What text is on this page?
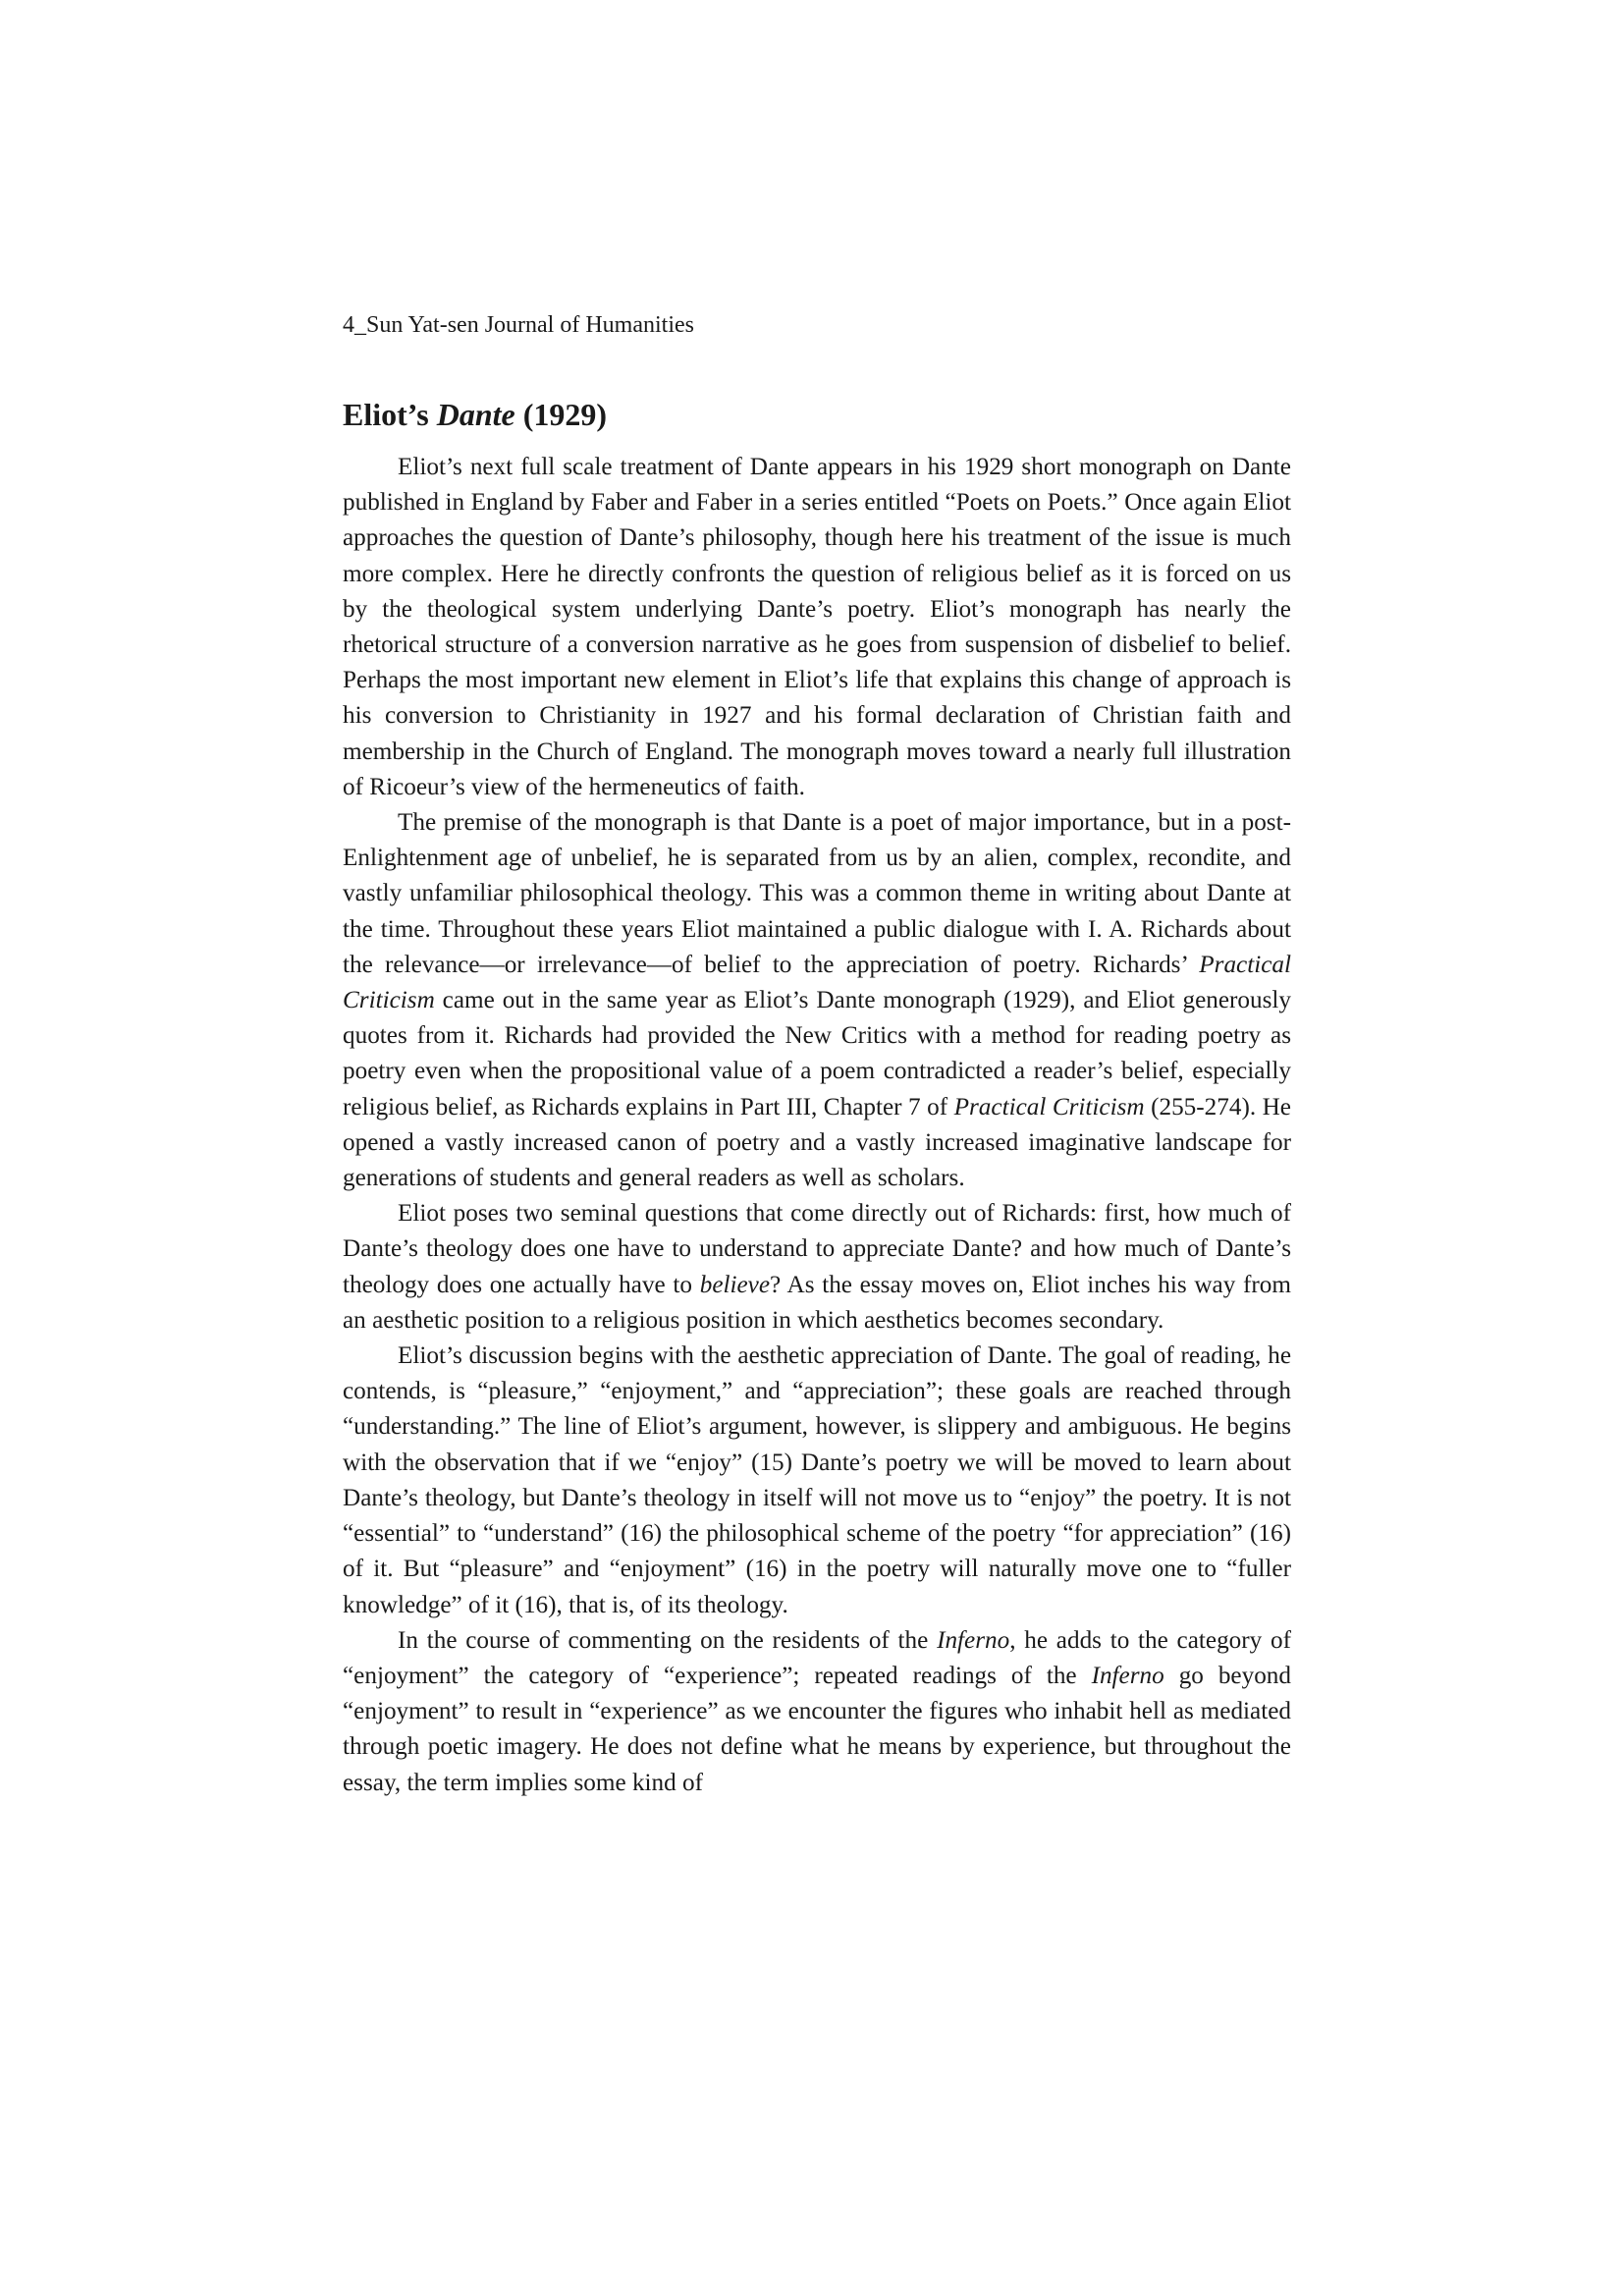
4_Sun Yat-sen Journal of Humanities
Eliot’s Dante (1929)

Eliot’s next full scale treatment of Dante appears in his 1929 short monograph on Dante published in England by Faber and Faber in a series entitled “Poets on Poets.” Once again Eliot approaches the question of Dante’s philosophy, though here his treatment of the issue is much more complex. Here he directly confronts the question of religious belief as it is forced on us by the theological system underlying Dante’s poetry. Eliot’s monograph has nearly the rhetorical structure of a conversion narrative as he goes from suspension of disbelief to belief. Perhaps the most important new element in Eliot’s life that explains this change of approach is his conversion to Christianity in 1927 and his formal declaration of Christian faith and membership in the Church of England. The monograph moves toward a nearly full illustration of Ricoeur’s view of the hermeneutics of faith.

The premise of the monograph is that Dante is a poet of major importance, but in a post-Enlightenment age of unbelief, he is separated from us by an alien, complex, recondite, and vastly unfamiliar philosophical theology. This was a common theme in writing about Dante at the time. Throughout these years Eliot maintained a public dialogue with I. A. Richards about the relevance—or irrelevance—of belief to the appreciation of poetry. Richards’ Practical Criticism came out in the same year as Eliot’s Dante monograph (1929), and Eliot generously quotes from it. Richards had provided the New Critics with a method for reading poetry as poetry even when the propositional value of a poem contradicted a reader’s belief, especially religious belief, as Richards explains in Part III, Chapter 7 of Practical Criticism (255-274). He opened a vastly increased canon of poetry and a vastly increased imaginative landscape for generations of students and general readers as well as scholars.

Eliot poses two seminal questions that come directly out of Richards: first, how much of Dante’s theology does one have to understand to appreciate Dante? and how much of Dante’s theology does one actually have to believe? As the essay moves on, Eliot inches his way from an aesthetic position to a religious position in which aesthetics becomes secondary.

Eliot’s discussion begins with the aesthetic appreciation of Dante. The goal of reading, he contends, is “pleasure,” “enjoyment,” and “appreciation”; these goals are reached through “understanding.” The line of Eliot’s argument, however, is slippery and ambiguous. He begins with the observation that if we “enjoy” (15) Dante’s poetry we will be moved to learn about Dante’s theology, but Dante’s theology in itself will not move us to “enjoy” the poetry. It is not “essential” to “understand” (16) the philosophical scheme of the poetry “for appreciation” (16) of it. But “pleasure” and “enjoyment” (16) in the poetry will naturally move one to “fuller knowledge” of it (16), that is, of its theology.

In the course of commenting on the residents of the Inferno, he adds to the category of “enjoyment” the category of “experience”; repeated readings of the Inferno go beyond “enjoyment” to result in “experience” as we encounter the figures who inhabit hell as mediated through poetic imagery. He does not define what he means by experience, but throughout the essay, the term implies some kind of
